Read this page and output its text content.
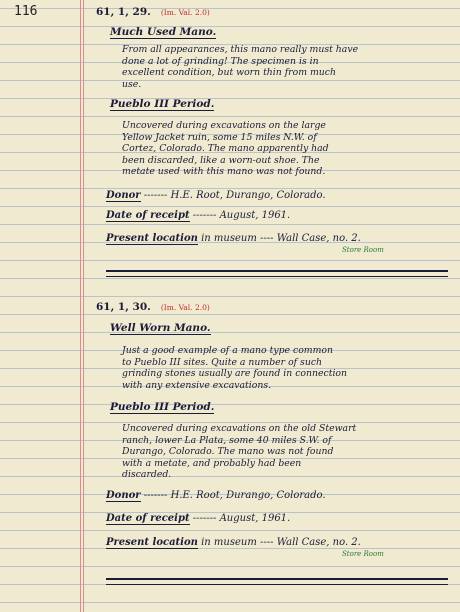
116	61, 1, 29. (Im. Val. 2.0)
Much Used Mano.
From all appearances, this mano really must have
done a lot of grinding! The specimen is in
excellent condition, but worn thin from much
use.
Pueblo III Period.
Uncovered during excavations on the large
Yellow Jacket ruin, some 15 miles N.W. of
Cortez, Colorado. The mano apparently had
been discarded, like a worn-out shoe. The
metate used with this mano was not found.
Donor ------- H.E. Root, Durango, Colorado.
Date of receipt ------- August, 1961.
Present location in museum ---- Wall Case, no. 2.
Store Room
61, 1, 30. (Im. Val. 2.0)
Well Worn Mano.
Just a good example of a mano type common
to Pueblo III sites. Quite a number of such
grinding stones usually are found in connection
with any extensive excavations.
Pueblo III Period.
Uncovered during excavations on the old Stewart
ranch, lower La Plata, some 40 miles S.W. of
Durango, Colorado. The mano was not found
with a metate, and probably had been
discarded.
Donor ------- H.E. Root, Durango, Colorado.
Date of receipt ------- August, 1961.
Present location in museum ---- Wall Case, no. 2.
Store Room
